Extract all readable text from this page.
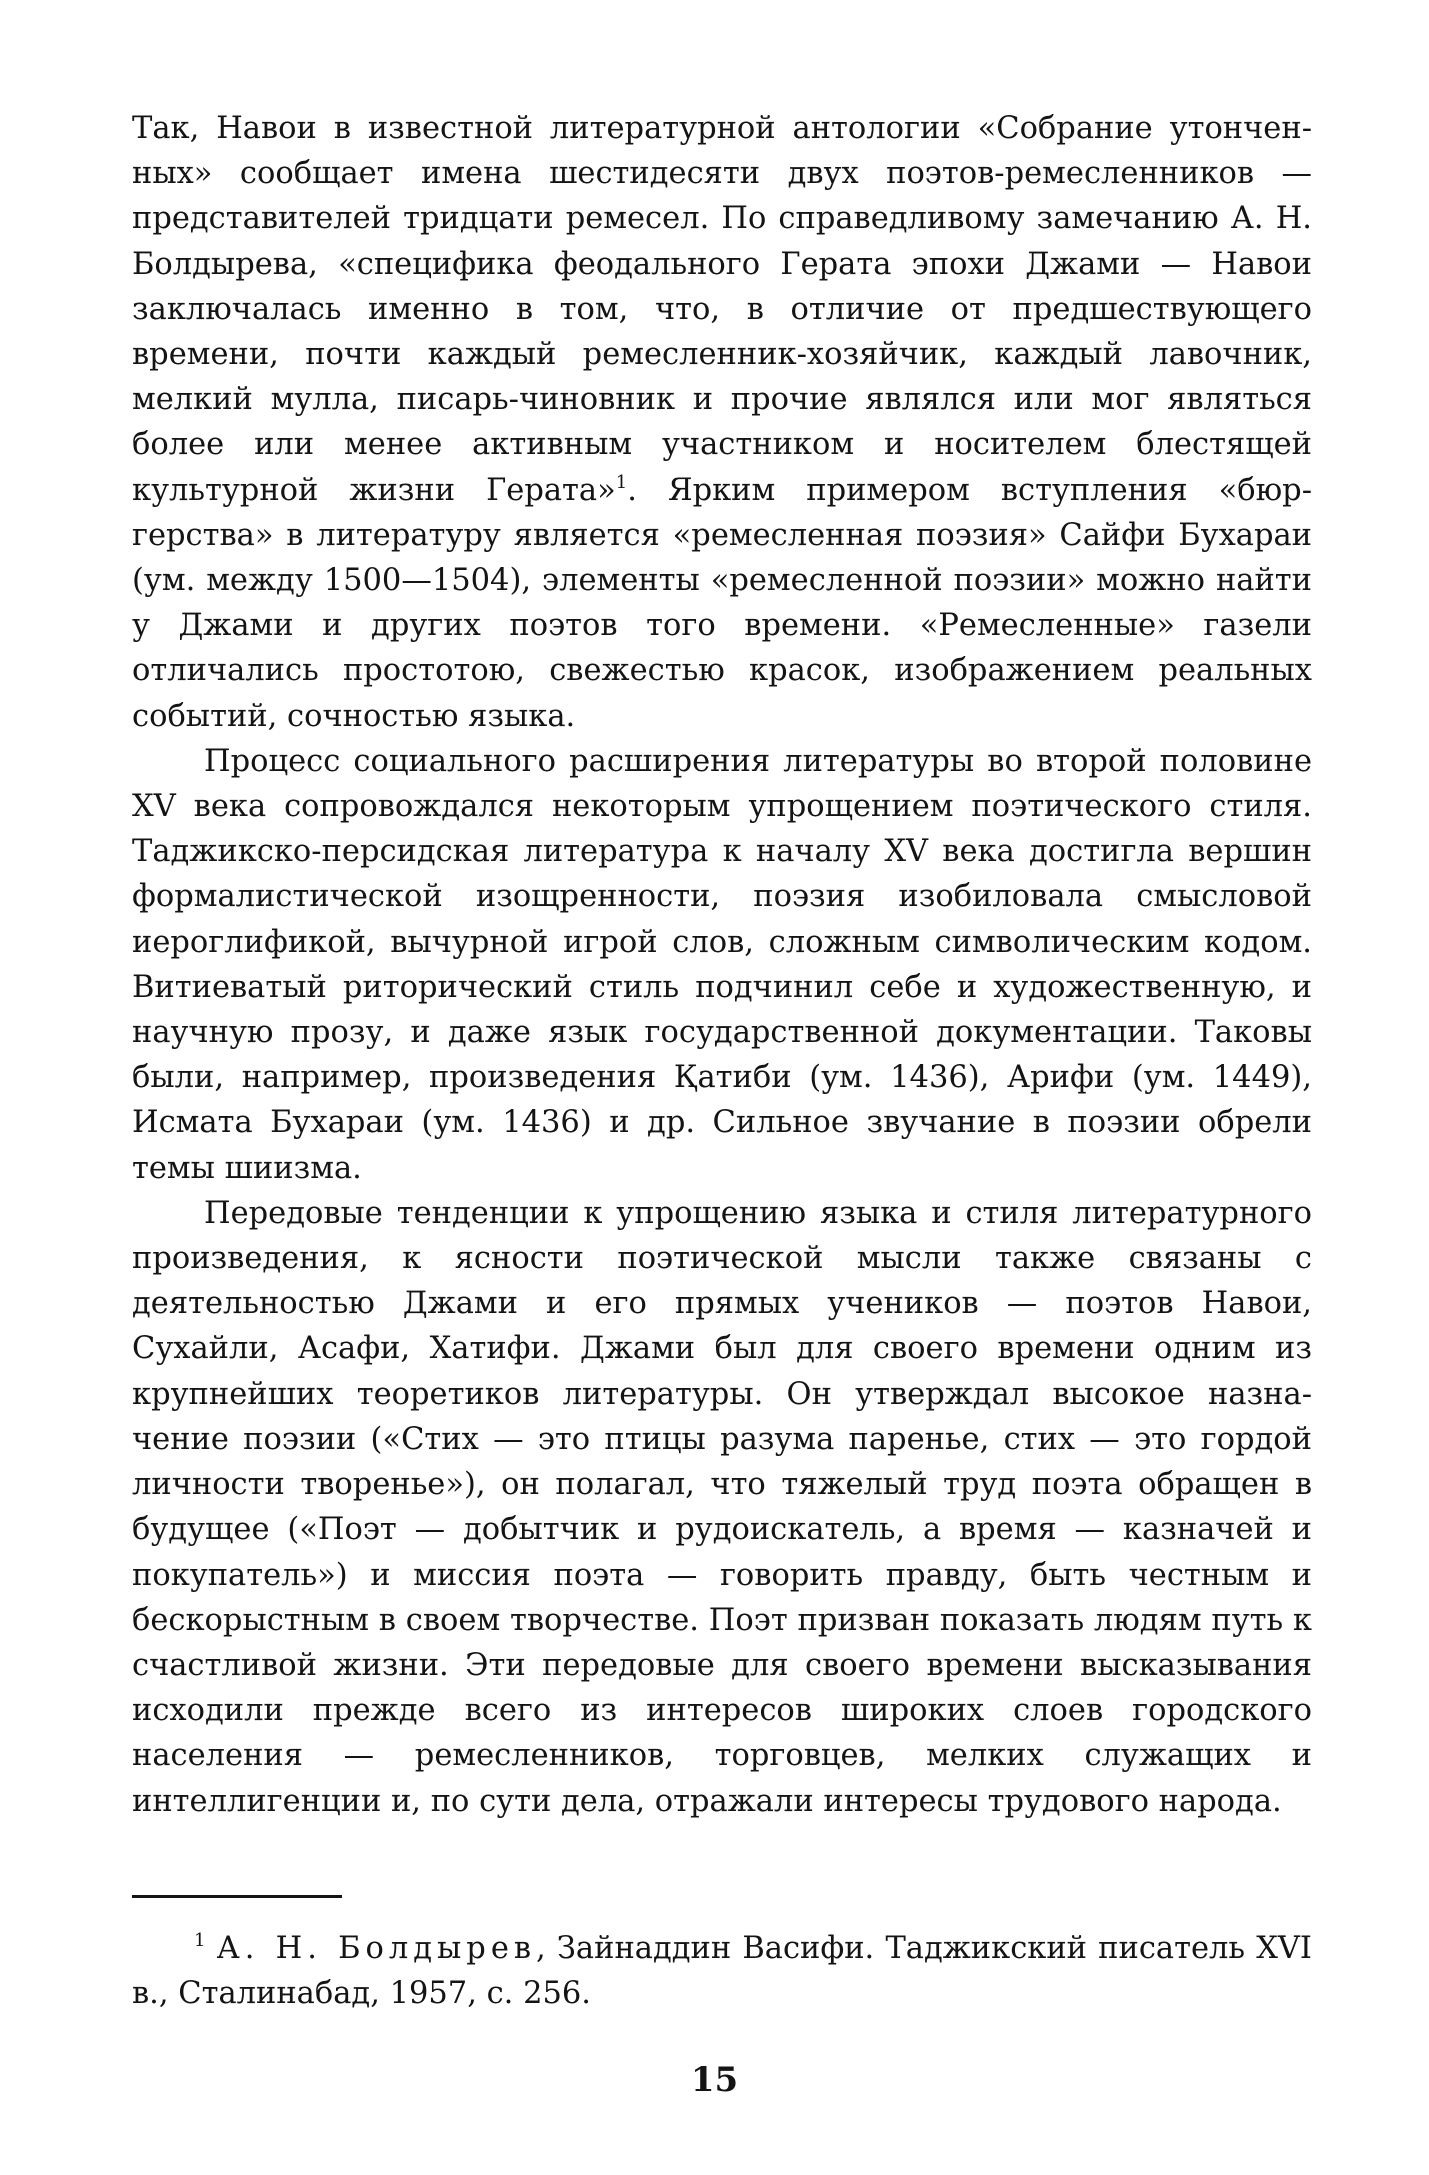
Так, Навои в известной литературной антологии «Собрание утонченных» сообщает имена шестидесяти двух поэтов-ремесленников — представителей тридцати ремесел. По справедливому замечанию А. Н. Болдырева, «специфика феодального Герата эпохи Джами — Навои заключалась именно в том, что, в отличие от предшествующего времени, почти каждый ремесленник-хозяйчик, каждый лавочник, мелкий мулла, писарь-чиновник и прочие являлся или мог являться более или менее активным участником и носителем блестящей культурной жизни Герата»$^1$. Ярким примером вступления «бюргерства» в литературу является «ремесленная поэзия» Сайфи Бухараи (ум. между 1500—1504), элементы «ремесленной поэзии» можно найти у Джами и других поэтов того времени. «Ремесленные» газели отличались простотою, свежестью красок, изображением реальных событий, сочностью языка.

Процесс социального расширения литературы во второй половине XV века сопровождался некоторым упрощением поэтического стиля. Таджикско-персидская литература к началу XV века достигла вершин формалистической изощренности, поэзия изобиловала смысловой иероглификой, вычурной игрой слов, сложным символическим кодом. Витиеватый риторический стиль подчинил себе и художественную, и научную прозу, и даже язык государственной документации. Таковы были, например, произведения Қатиби (ум. 1436), Арифи (ум. 1449), Исмата Бухараи (ум. 1436) и др. Сильное звучание в поэзии обрели темы шиизма.

Передовые тенденции к упрощению языка и стиля литературного произведения, к ясности поэтической мысли также связаны с деятельностью Джами и его прямых учеников — поэтов Навои, Сухайли, Асафи, Хатифи. Джами был для своего времени одним из крупнейших теоретиков литературы. Он утверждал высокое назначение поэзии («Стих — это птицы разума паренье, стих — это гордой личности творенье»), он полагал, что тяжелый труд поэта обращен в будущее («Поэт — добытчик и рудоискатель, а время — казначей и покупатель») и миссия поэта — говорить правду, быть честным и бескорыстным в своем творчестве. Поэт призван показать людям путь к счастливой жизни. Эти передовые для своего времени высказывания исходили прежде всего из интересов широких слоев городского населения — ремесленников, торговцев, мелких служащих и интеллигенции и, по сути дела, отражали интересы трудового народа.

$^1$ А. Н. Болдырев, Зайнаддин Васифи. Таджикский писатель XVI в., Сталинабад, 1957, с. 256.

15
